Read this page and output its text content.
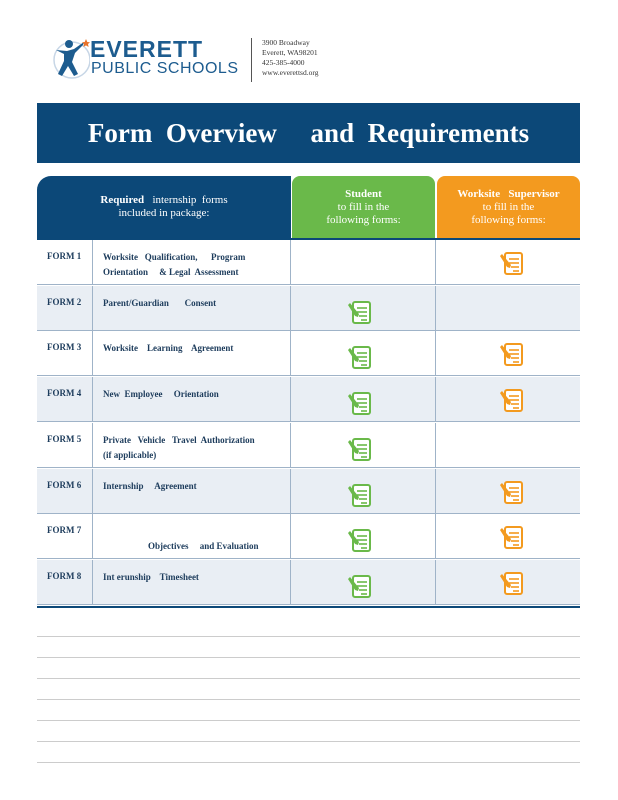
EVERETT
PUBLIC SCHOOLS
3900 Broadway
Everett, WA98201
425-385-4000
www.everettsd.org
Form  Overview     and  Requirements
Required   internship  forms
included in package:
Student
to fill in the
following forms:
Worksite   Supervisor
to fill in the
following forms:
FORM 1	Worksite   Qualification,      Program
Orientation     & Legal  Assessment
FORM 2	Parent/Guardian       Consent
FORM 3	Worksite    Learning    Agreement
FORM 4	New  Employee     Orientation
FORM 5	Private   Vehicle   Travel  Authorization
(if applicable)
FORM 6	Internship     Agreement
FORM 7

Objectives     and Evaluation
FORM 8	Int erunship    Timesheet
